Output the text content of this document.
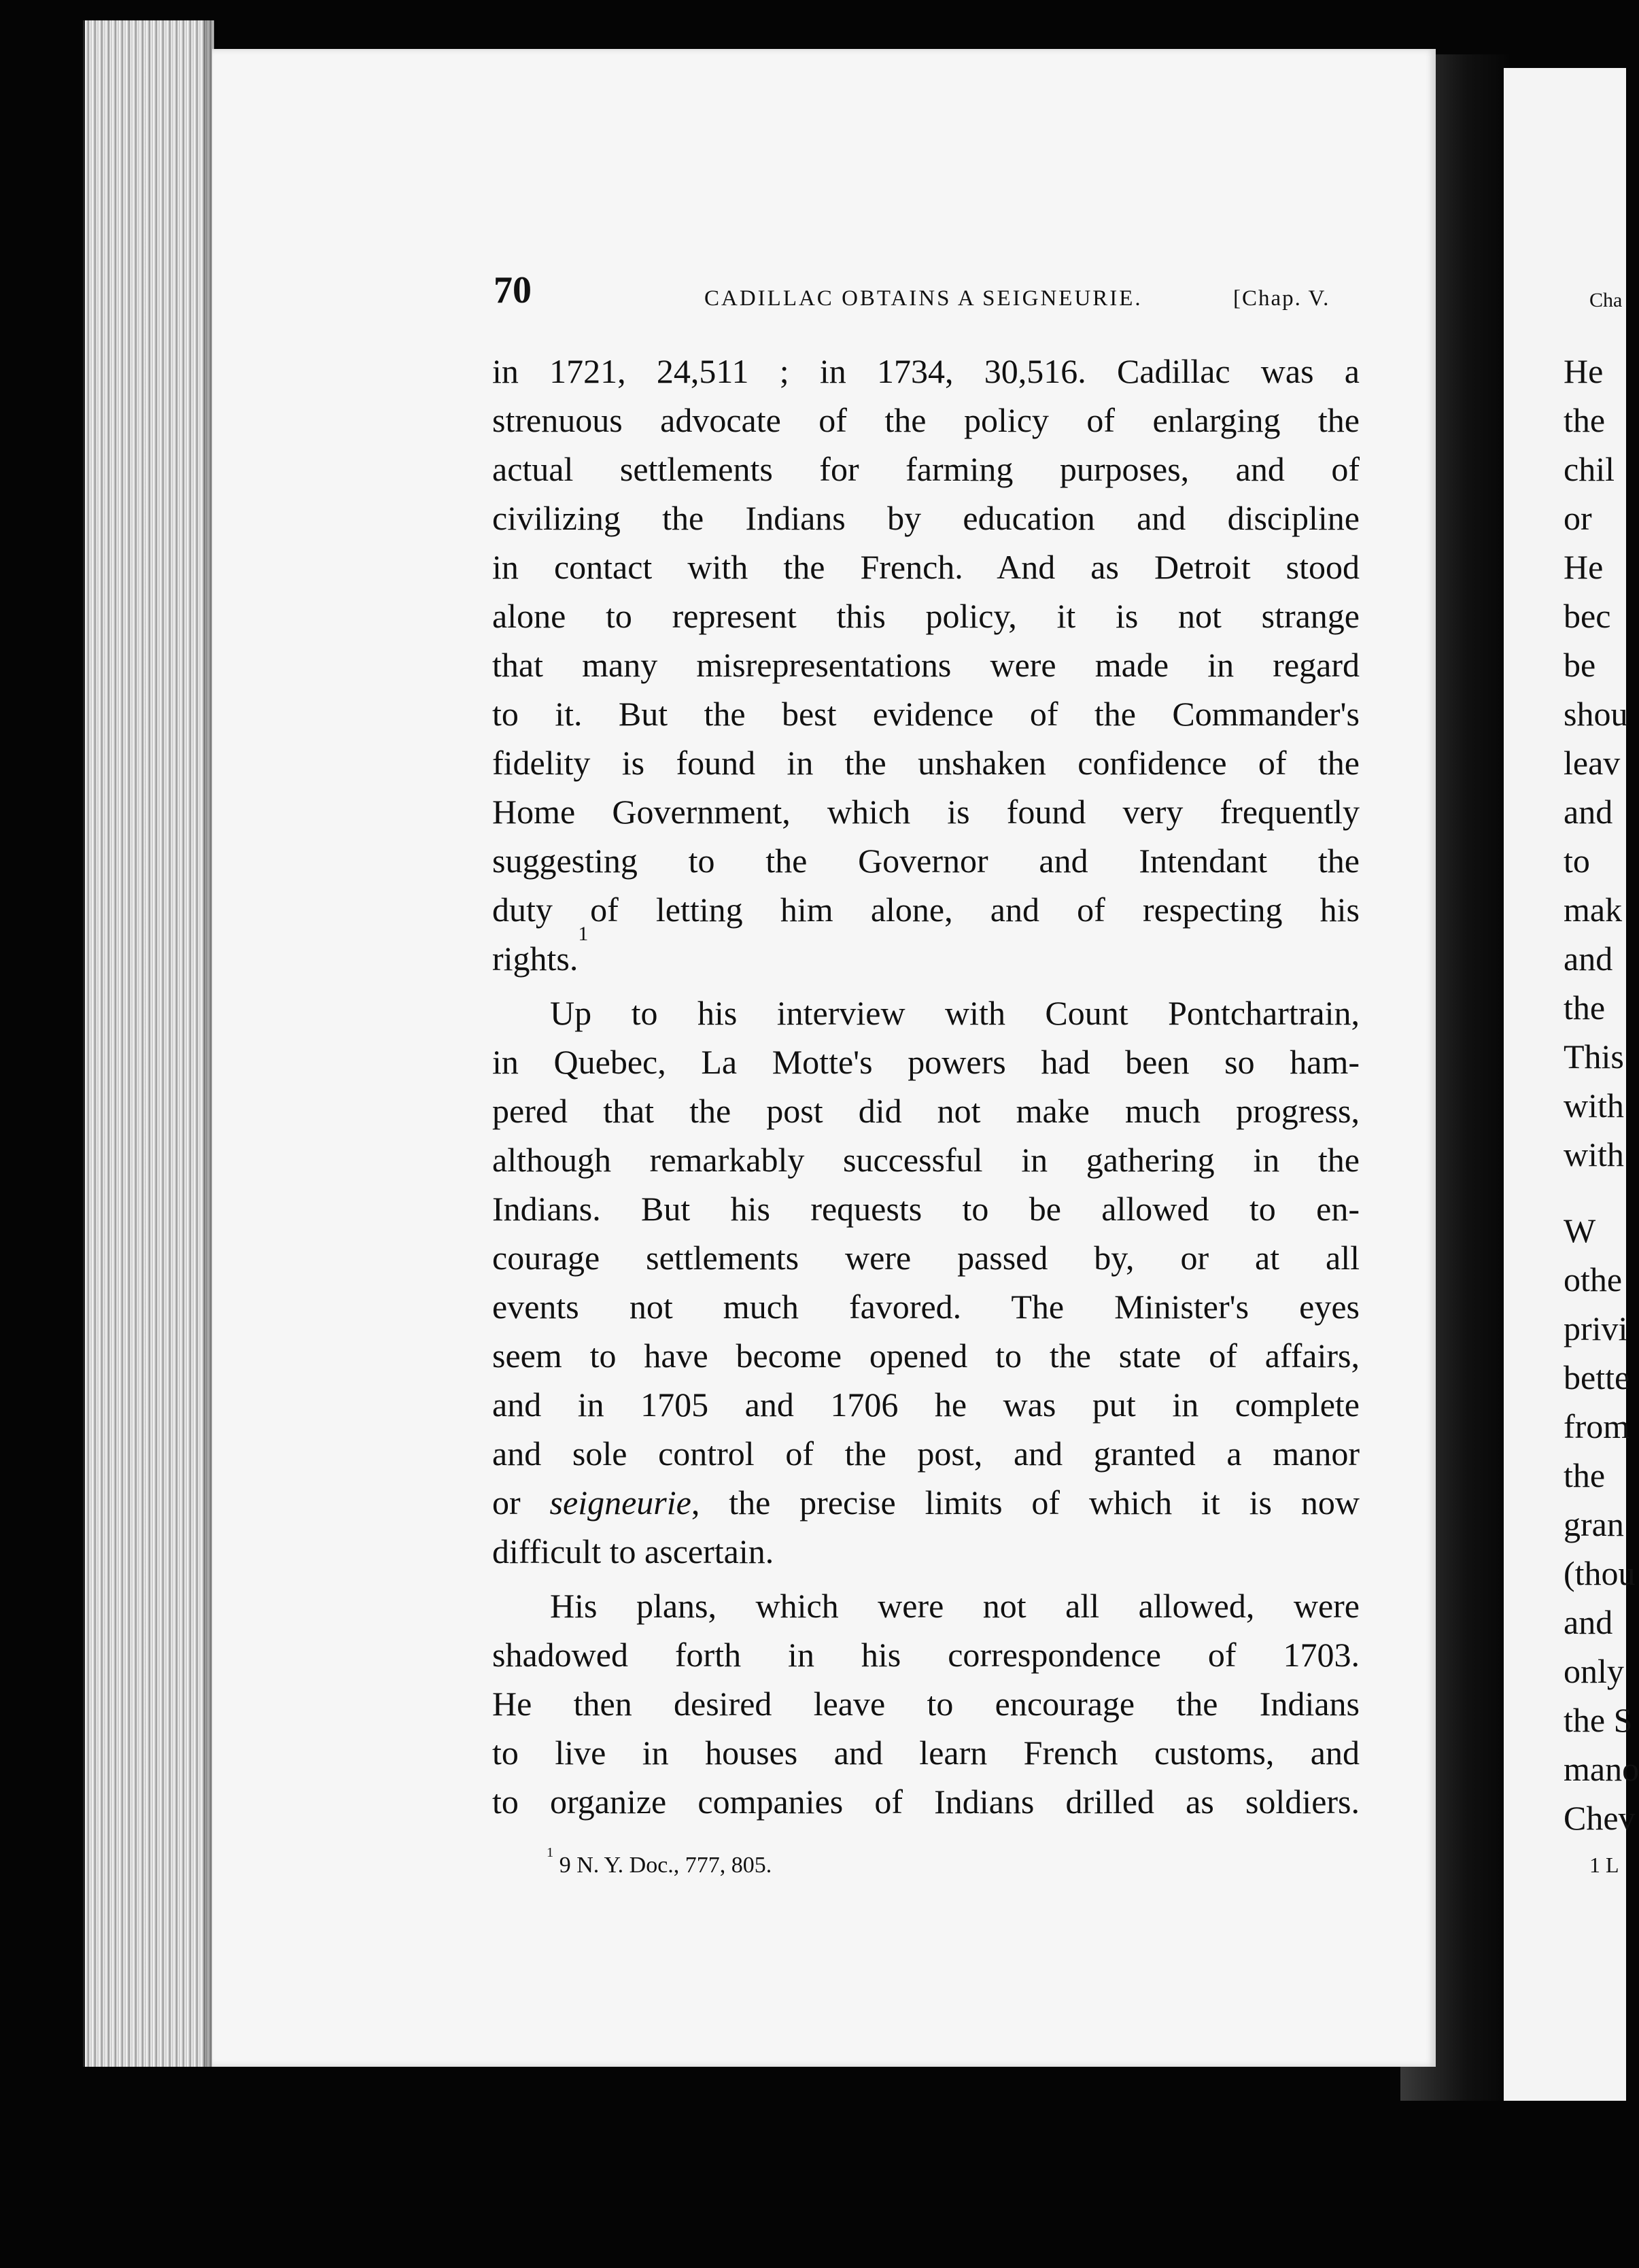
70	CADILLAC OBTAINS A SEIGNEURIE.	[Chap. V.
in 1721, 24,511 ; in 1734, 30,516. Cadillac was a
strenuous advocate of the policy of enlarging the
actual settlements for farming purposes, and of
civilizing the Indians by education and discipline
in contact with the French. And as Detroit stood
alone to represent this policy, it is not strange
that many misrepresentations were made in regard
to it. But the best evidence of the Commander's
fidelity is found in the unshaken confidence of the
Home Government, which is found very frequently
suggesting to the Governor and Intendant the
duty of letting him alone, and of respecting his
rights.$^1$
Up to his interview with Count Pontchartrain,
in Quebec, La Motte's powers had been so ham-
pered that the post did not make much progress,
although remarkably successful in gathering in the
Indians. But his requests to be allowed to en-
courage settlements were passed by, or at all
events not much favored. The Minister's eyes
seem to have become opened to the state of affairs,
and in 1705 and 1706 he was put in complete
and sole control of the post, and granted a manor
or seigneurie, the precise limits of which it is now
difficult to ascertain.
His plans, which were not all allowed, were
shadowed forth in his correspondence of 1703.
He then desired leave to encourage the Indians
to live in houses and learn French customs, and
to organize companies of Indians drilled as soldiers.
$^1$ 9 N. Y. Doc., 777, 805.
Cha
He
the
chil
or
He
bec
be
shou
leav
and
to
mak
and
the
This
with
with
W
othe
privi
bette
from
the
gran
(thou
and
only
the S
mano
Chev
1 L
